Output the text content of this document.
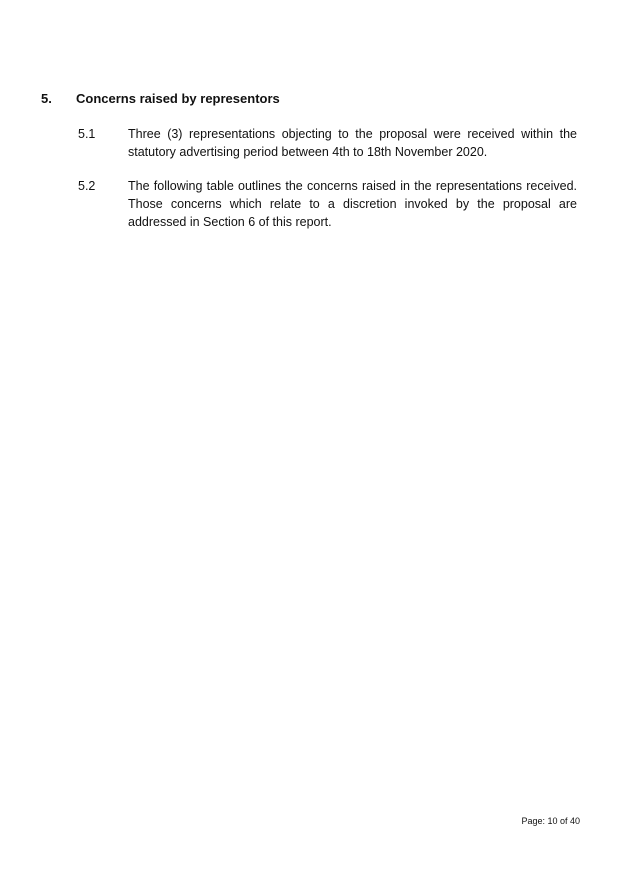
5.	Concerns raised by representors
5.1	Three (3) representations objecting to the proposal were received within the statutory advertising period between 4th to 18th November 2020.
5.2	The following table outlines the concerns raised in the representations received. Those concerns which relate to a discretion invoked by the proposal are addressed in Section 6 of this report.
Page: 10 of 40
